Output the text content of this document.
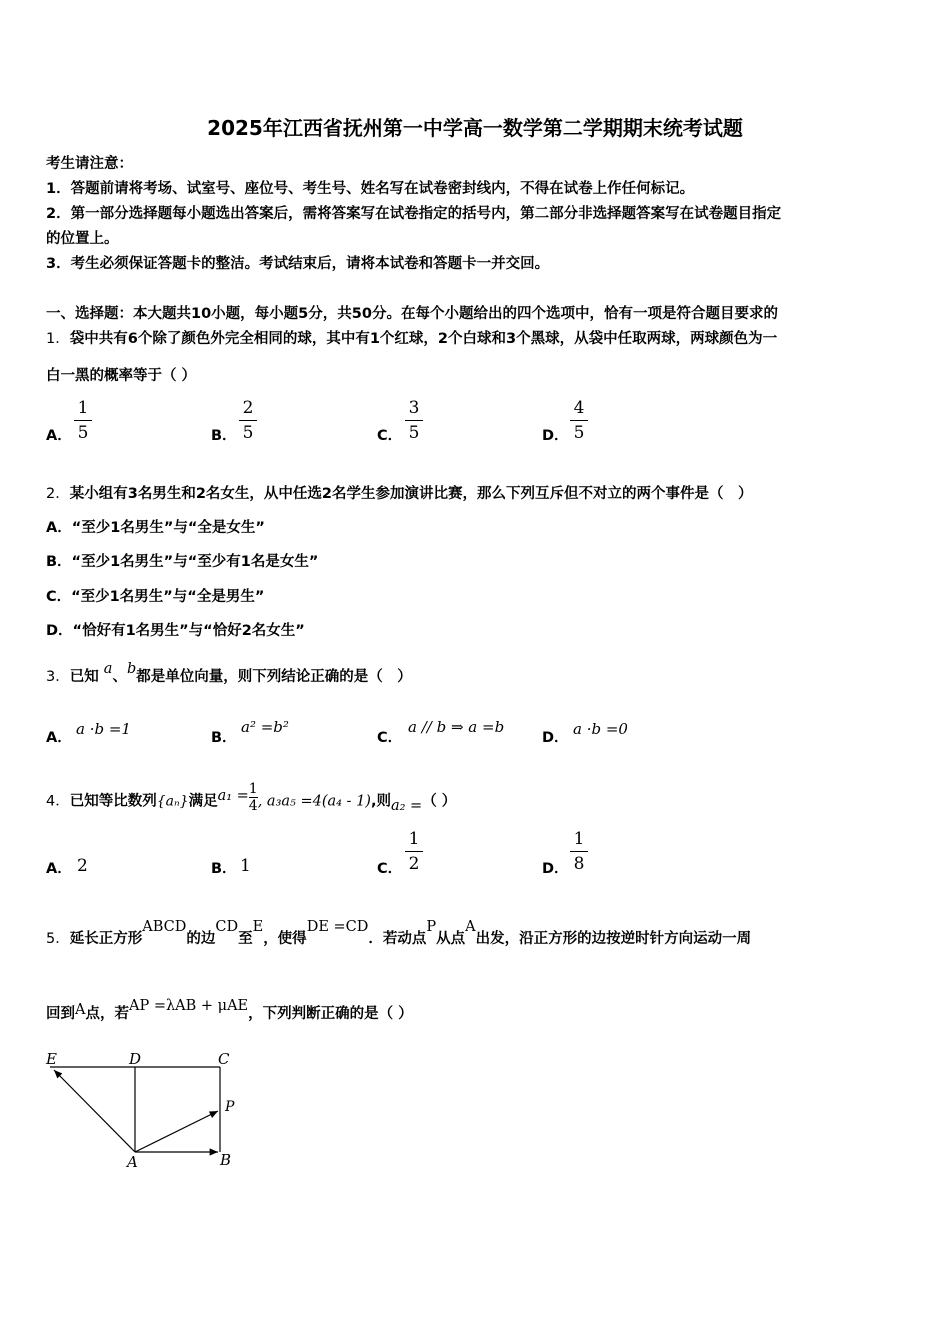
2025年江西省抚州第一中学高一数学第二学期期末统考试题
考生请注意：
1．答题前请将考场、试室号、座位号、考生号、姓名写在试卷密封线内，不得在试卷上作任何标记。
2．第一部分选择题每小题选出答案后，需将答案写在试卷指定的括号内，第二部分非选择题答案写在试卷题目指定
的位置上。
3．考生必须保证答题卡的整洁。考试结束后，请将本试卷和答题卡一并交回。
一、选择题：本大题共10小题，每小题5分，共50分。在每个小题给出的四个选项中，恰有一项是符合题目要求的
1．袋中共有6个除了颜色外完全相同的球，其中有1个红球，2个白球和3个黑球，从袋中任取两球，两球颜色为一
白一黑的概率等于（ ）
A．
1
5	B．
2
5	C．
3
5	D．
4
5
2．某小组有3名男生和2名女生，从中任选2名学生参加演讲比赛，那么下列互斥但不对立的两个事件是（　）
A．“至少1名男生”与“全是女生”
B．“至少1名男生”与“至少有1名是女生”
C．“至少1名男生”与“全是男生”
D．“恰好有1名男生”与“恰好2名女生”
3．已知 a、b都是单位向量，则下列结论正确的是（　）
A． a ·b =1	B．
a² =b²
C．
a // b ⇒ a =b
D． a ·b =0
4．已知等比数列{aₙ}满足$a_1 = \frac{1}{4}$ , a₃a₅ =4(a₄ - 1),则a₂ =（ ）
A． 2	B． 1	C．
1
2	D．
1
8
5．延长正方形ABCD的边CD至E，使得DE =CD．若动点P从点A出发，沿正方形的边按逆时针方向运动一周
回到A点，若AP =λAB + μAE，下列判断正确的是（ ）
E	D	C
P
A	B
